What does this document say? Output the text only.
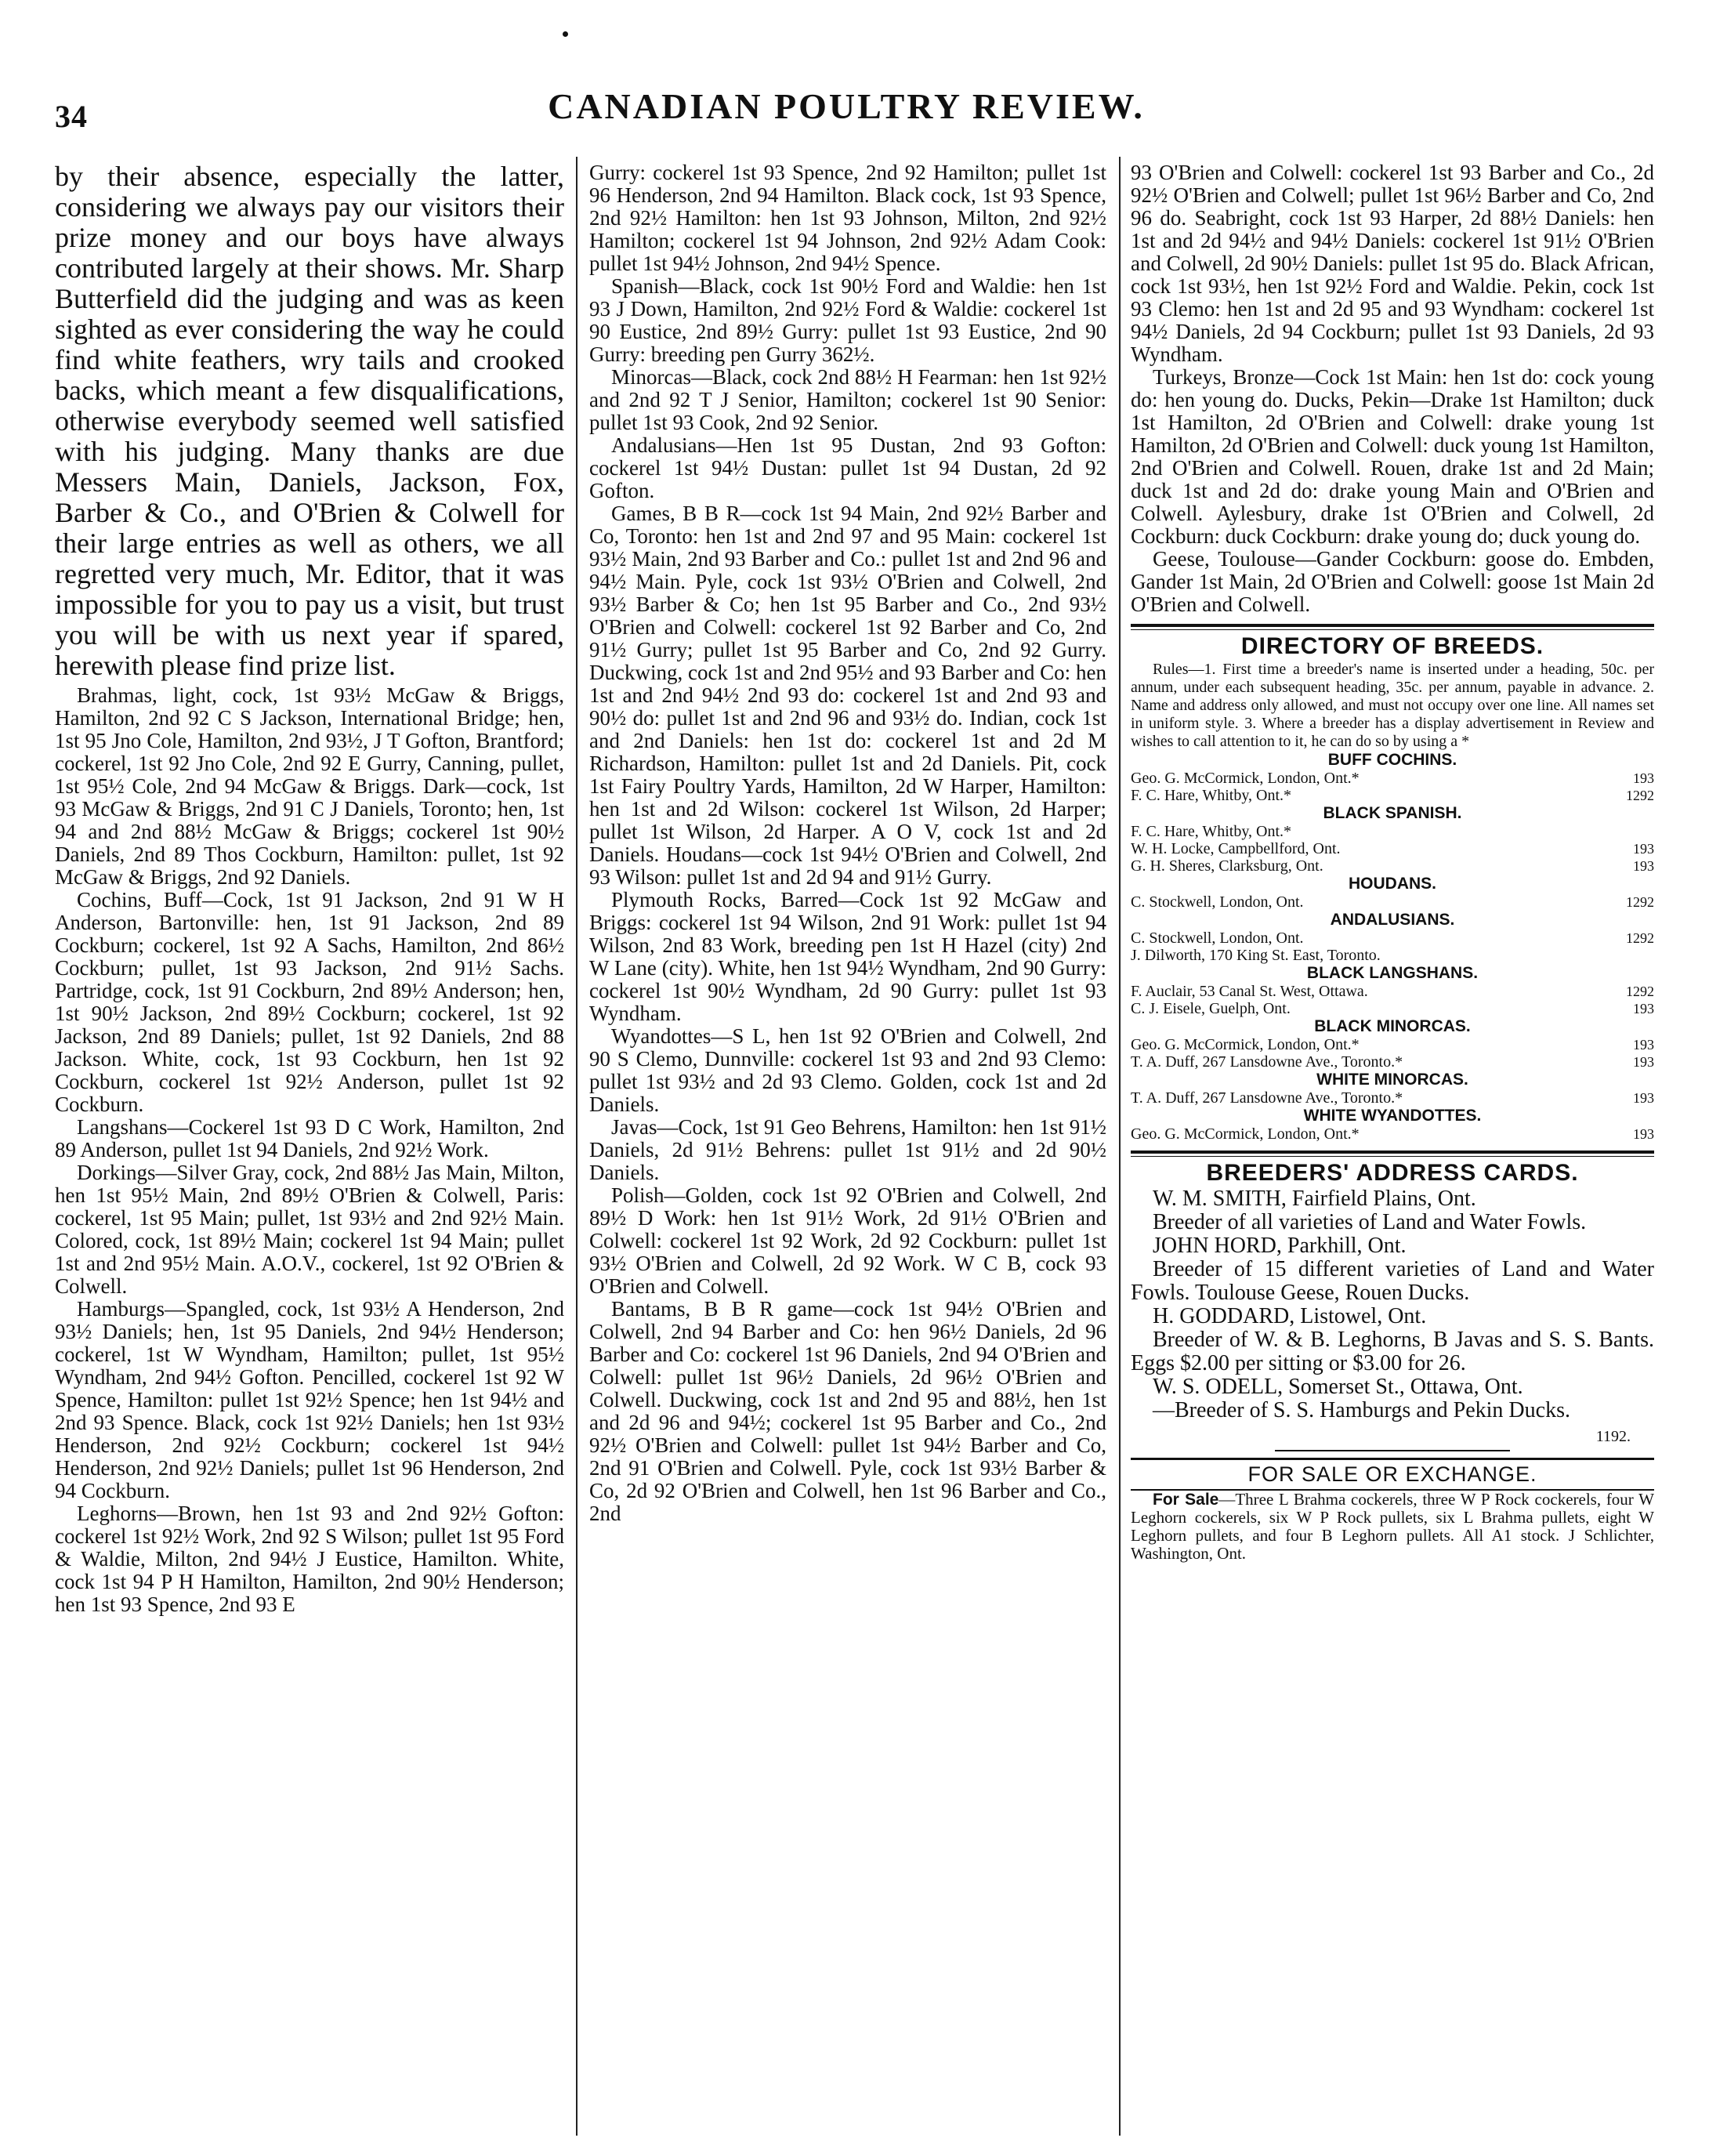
34	CANADIAN POULTRY REVIEW.

by their absence, especially the latter, considering we always pay our visitors their prize money and our boys have always contributed largely at their shows. Mr. Sharp Butterfield did the judging and was as keen sighted as ever considering the way he could find white feathers, wry tails and crooked backs, which meant a few disqualifications, otherwise everybody seemed well satisfied with his judging. Many thanks are due Messers Main, Daniels, Jackson, Fox, Barber & Co., and O'Brien & Colwell for their large entries as well as others, we all regretted very much, Mr. Editor, that it was impossible for you to pay us a visit, but trust you will be with us next year if spared, herewith please find prize list.

Brahmas, light, cock, 1st 93½ McGaw & Briggs, Hamilton, 2nd 92 C S Jackson, International Bridge; hen, 1st 95 Jno Cole, Hamilton, 2nd 93½, J T Gofton, Brantford; cockerel, 1st 92 Jno Cole, 2nd 92 E Gurry, Canning, pullet, 1st 95½ Cole, 2nd 94 McGaw & Briggs. Dark—cock, 1st 93 McGaw & Briggs, 2nd 91 C J Daniels, Toronto; hen, 1st 94 and 2nd 88½ McGaw & Briggs; cockerel 1st 90½ Daniels, 2nd 89 Thos Cockburn, Hamilton: pullet, 1st 92 McGaw & Briggs, 2nd 92 Daniels.

Cochins, Buff—Cock, 1st 91 Jackson, 2nd 91 W H Anderson, Bartonville: hen, 1st 91 Jackson, 2nd 89 Cockburn; cockerel, 1st 92 A Sachs, Hamilton, 2nd 86½ Cockburn; pullet, 1st 93 Jackson, 2nd 91½ Sachs. Partridge, cock, 1st 91 Cockburn, 2nd 89½ Anderson; hen, 1st 90½ Jackson, 2nd 89½ Cockburn; cockerel, 1st 92 Jackson, 2nd 89 Daniels; pullet, 1st 92 Daniels, 2nd 88 Jackson. White, cock, 1st 93 Cockburn, hen 1st 92 Cockburn, cockerel 1st 92½ Anderson, pullet 1st 92 Cockburn.

Langshans—Cockerel 1st 93 D C Work, Hamilton, 2nd 89 Anderson, pullet 1st 94 Daniels, 2nd 92½ Work.

Dorkings—Silver Gray, cock, 2nd 88½ Jas Main, Milton, hen 1st 95½ Main, 2nd 89½ O'Brien & Colwell, Paris: cockerel, 1st 95 Main; pullet, 1st 93½ and 2nd 92½ Main. Colored, cock, 1st 89½ Main; cockerel 1st 94 Main; pullet 1st and 2nd 95½ Main. A.O.V., cockerel, 1st 92 O'Brien & Colwell.

Hamburgs—Spangled, cock, 1st 93½ A Henderson, 2nd 93½ Daniels; hen, 1st 95 Daniels, 2nd 94½ Henderson; cockerel, 1st W Wyndham, Hamilton; pullet, 1st 95½ Wyndham, 2nd 94½ Gofton. Pencilled, cockerel 1st 92 W Spence, Hamilton: pullet 1st 92½ Spence; hen 1st 94½ and 2nd 93 Spence. Black, cock 1st 92½ Daniels; hen 1st 93½ Henderson, 2nd 92½ Cockburn; cockerel 1st 94½ Henderson, 2nd 92½ Daniels; pullet 1st 96 Henderson, 2nd 94 Cockburn.

Leghorns—Brown, hen 1st 93 and 2nd 92½ Gofton: cockerel 1st 92½ Work, 2nd 92 S Wilson; pullet 1st 95 Ford & Waldie, Milton, 2nd 94½ J Eustice, Hamilton. White, cock 1st 94 P H Hamilton, Hamilton, 2nd 90½ Henderson; hen 1st 93 Spence, 2nd 93 E

Gurry: cockerel 1st 93 Spence, 2nd 92 Hamilton; pullet 1st 96 Henderson, 2nd 94 Hamilton. Black cock, 1st 93 Spence, 2nd 92½ Hamilton: hen 1st 93 Johnson, Milton, 2nd 92½ Hamilton; cockerel 1st 94 Johnson, 2nd 92½ Adam Cook: pullet 1st 94½ Johnson, 2nd 94½ Spence.

Spanish—Black, cock 1st 90½ Ford and Waldie: hen 1st 93 J Down, Hamilton, 2nd 92½ Ford & Waldie: cockerel 1st 90 Eustice, 2nd 89½ Gurry: pullet 1st 93 Eustice, 2nd 90 Gurry: breeding pen Gurry 362½.

Minorcas—Black, cock 2nd 88½ H Fearman: hen 1st 92½ and 2nd 92 T J Senior, Hamilton; cockerel 1st 90 Senior: pullet 1st 93 Cook, 2nd 92 Senior.

Andalusians—Hen 1st 95 Dustan, 2nd 93 Gofton: cockerel 1st 94½ Dustan: pullet 1st 94 Dustan, 2d 92 Gofton.

Games, B B R—cock 1st 94 Main, 2nd 92½ Barber and Co, Toronto: hen 1st and 2nd 97 and 95 Main: cockerel 1st 93½ Main, 2nd 93 Barber and Co.: pullet 1st and 2nd 96 and 94½ Main. Pyle, cock 1st 93½ O'Brien and Colwell, 2nd 93½ Barber & Co; hen 1st 95 Barber and Co., 2nd 93½ O'Brien and Colwell: cockerel 1st 92 Barber and Co, 2nd 91½ Gurry; pullet 1st 95 Barber and Co, 2nd 92 Gurry. Duckwing, cock 1st and 2nd 95½ and 93 Barber and Co: hen 1st and 2nd 94½ 2nd 93 do: cockerel 1st and 2nd 93 and 90½ do: pullet 1st and 2nd 96 and 93½ do. Indian, cock 1st and 2nd Daniels: hen 1st do: cockerel 1st and 2d M Richardson, Hamilton: pullet 1st and 2d Daniels. Pit, cock 1st Fairy Poultry Yards, Hamilton, 2d W Harper, Hamilton: hen 1st and 2d Wilson: cockerel 1st Wilson, 2d Harper; pullet 1st Wilson, 2d Harper. A O V, cock 1st and 2d Daniels. Houdans—cock 1st 94½ O'Brien and Colwell, 2nd 93 Wilson: pullet 1st and 2d 94 and 91½ Gurry.

Plymouth Rocks, Barred—Cock 1st 92 McGaw and Briggs: cockerel 1st 94 Wilson, 2nd 91 Work: pullet 1st 94 Wilson, 2nd 83 Work, breeding pen 1st H Hazel (city) 2nd W Lane (city). White, hen 1st 94½ Wyndham, 2nd 90 Gurry: cockerel 1st 90½ Wyndham, 2d 90 Gurry: pullet 1st 93 Wyndham.

Wyandottes—S L, hen 1st 92 O'Brien and Colwell, 2nd 90 S Clemo, Dunnville: cockerel 1st 93 and 2nd 93 Clemo: pullet 1st 93½ and 2d 93 Clemo. Golden, cock 1st and 2d Daniels.

Javas—Cock, 1st 91 Geo Behrens, Hamilton: hen 1st 91½ Daniels, 2d 91½ Behrens: pullet 1st 91½ and 2d 90½ Daniels.

Polish—Golden, cock 1st 92 O'Brien and Colwell, 2nd 89½ D Work: hen 1st 91½ Work, 2d 91½ O'Brien and Colwell: cockerel 1st 92 Work, 2d 92 Cockburn: pullet 1st 93½ O'Brien and Colwell, 2d 92 Work. W C B, cock 93 O'Brien and Colwell.

Bantams, B B R game—cock 1st 94½ O'Brien and Colwell, 2nd 94 Barber and Co: hen 96½ Daniels, 2d 96 Barber and Co: cockerel 1st 96 Daniels, 2nd 94 O'Brien and Colwell: pullet 1st 96½ Daniels, 2d 96½ O'Brien and Colwell. Duckwing, cock 1st and 2nd 95 and 88½, hen 1st and 2d 96 and 94½; cockerel 1st 95 Barber and Co., 2nd 92½ O'Brien and Colwell: pullet 1st 94½ Barber and Co, 2nd 91 O'Brien and Colwell. Pyle, cock 1st 93½ Barber & Co, 2d 92 O'Brien and Colwell, hen 1st 96 Barber and Co., 2nd

93 O'Brien and Colwell: cockerel 1st 93 Barber and Co., 2d 92½ O'Brien and Colwell; pullet 1st 96½ Barber and Co, 2nd 96 do. Seabright, cock 1st 93 Harper, 2d 88½ Daniels: hen 1st and 2d 94½ and 94½ Daniels: cockerel 1st 91½ O'Brien and Colwell, 2d 90½ Daniels: pullet 1st 95 do. Black African, cock 1st 93½, hen 1st 92½ Ford and Waldie. Pekin, cock 1st 93 Clemo: hen 1st and 2d 95 and 93 Wyndham: cockerel 1st 94½ Daniels, 2d 94 Cockburn; pullet 1st 93 Daniels, 2d 93 Wyndham.

Turkeys, Bronze—Cock 1st Main: hen 1st do: cock young do: hen young do. Ducks, Pekin—Drake 1st Hamilton; duck 1st Hamilton, 2d O'Brien and Colwell: drake young 1st Hamilton, 2d O'Brien and Colwell: duck young 1st Hamilton, 2nd O'Brien and Colwell. Rouen, drake 1st and 2d Main; duck 1st and 2d do: drake young Main and O'Brien and Colwell. Aylesbury, drake 1st O'Brien and Colwell, 2d Cockburn: duck Cockburn: drake young do; duck young do.

Geese, Toulouse—Gander Cockburn: goose do. Embden, Gander 1st Main, 2d O'Brien and Colwell: goose 1st Main 2d O'Brien and Colwell.

DIRECTORY OF BREEDS.

Rules—1. First time a breeder's name is inserted under a heading, 50c. per annum, under each subsequent heading, 35c. per annum, payable in advance. 2. Name and address only allowed, and must not occupy over one line. All names set in uniform style. 3. Where a breeder has a display advertisement in Review and wishes to call attention to it, he can do so by using a *

BUFF COCHINS.
Geo. G. McCormick, London, Ont.*	193
F. C. Hare, Whitby, Ont.*	1292
BLACK SPANISH.
F. C. Hare, Whitby, Ont.*
W. H. Locke, Campbellford, Ont.	193
G. H. Sheres, Clarksburg, Ont.	193
HOUDANS.
C. Stockwell, London, Ont.	1292
ANDALUSIANS.
C. Stockwell, London, Ont.	1292
J. Dilworth, 170 King St. East, Toronto.
BLACK LANGSHANS.
F. Auclair, 53 Canal St. West, Ottawa.	1292
C. J. Eisele, Guelph, Ont.	193
BLACK MINORCAS.
Geo. G. McCormick, London, Ont.*	193
T. A. Duff, 267 Lansdowne Ave., Toronto.*	193
WHITE MINORCAS.
T. A. Duff, 267 Lansdowne Ave., Toronto.*	193
WHITE WYANDOTTES.
Geo. G. McCormick, London, Ont.*	193
BREEDERS' ADDRESS CARDS.

W. M. SMITH, Fairfield Plains, Ont.

Breeder of all varieties of Land and Water Fowls.

JOHN HORD, Parkhill, Ont.

Breeder of 15 different varieties of Land and Water Fowls. Toulouse Geese, Rouen Ducks.

H. GODDARD, Listowel, Ont.

Breeder of W. & B. Leghorns, B Javas and S. S. Bants. Eggs $2.00 per sitting or $3.00 for 26.

W. S. ODELL, Somerset St., Ottawa, Ont.

—Breeder of S. S. Hamburgs and Pekin Ducks.

1192.
FOR SALE OR EXCHANGE.

For Sale—Three L Brahma cockerels, three W P Rock cockerels, four W Leghorn cockerels, six W P Rock pullets, six L Brahma pullets, eight W Leghorn pullets, and four B Leghorn pullets. All A1 stock. J Schlichter, Washington, Ont.
